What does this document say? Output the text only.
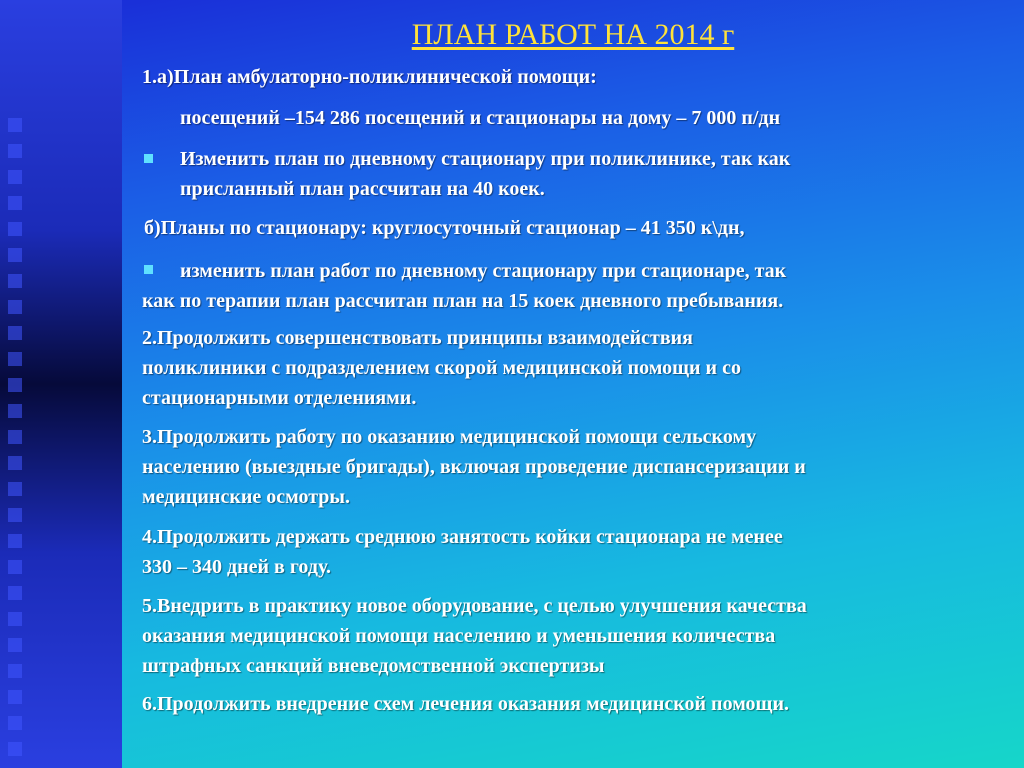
ПЛАН РАБОТ НА 2014 г
1.а)План амбулаторно-поликлинической помощи:
посещений –154 286 посещений и стационары на дому – 7 000 п/дн
Изменить план по дневному стационару при поликлинике, так как
присланный план рассчитан на 40 коек.
б)Планы по стационару: круглосуточный стационар – 41 350 к\дн,
изменить план работ по дневному стационару при стационаре, так
как по терапии план рассчитан план на 15 коек дневного пребывания.
2.Продолжить совершенствовать принципы взаимодействия
поликлиники с подразделением скорой медицинской помощи и со
стационарными отделениями.
3.Продолжить работу по оказанию медицинской помощи сельскому
населению (выездные бригады), включая проведение диспансеризации и
медицинские осмотры.
4.Продолжить держать среднюю занятость койки стационара не менее
330 – 340 дней в году.
5.Внедрить в практику новое оборудование, с целью улучшения качества
оказания медицинской помощи населению и уменьшения количества
штрафных санкций вневедомственной экспертизы
6.Продолжить внедрение схем лечения оказания медицинской помощи.
